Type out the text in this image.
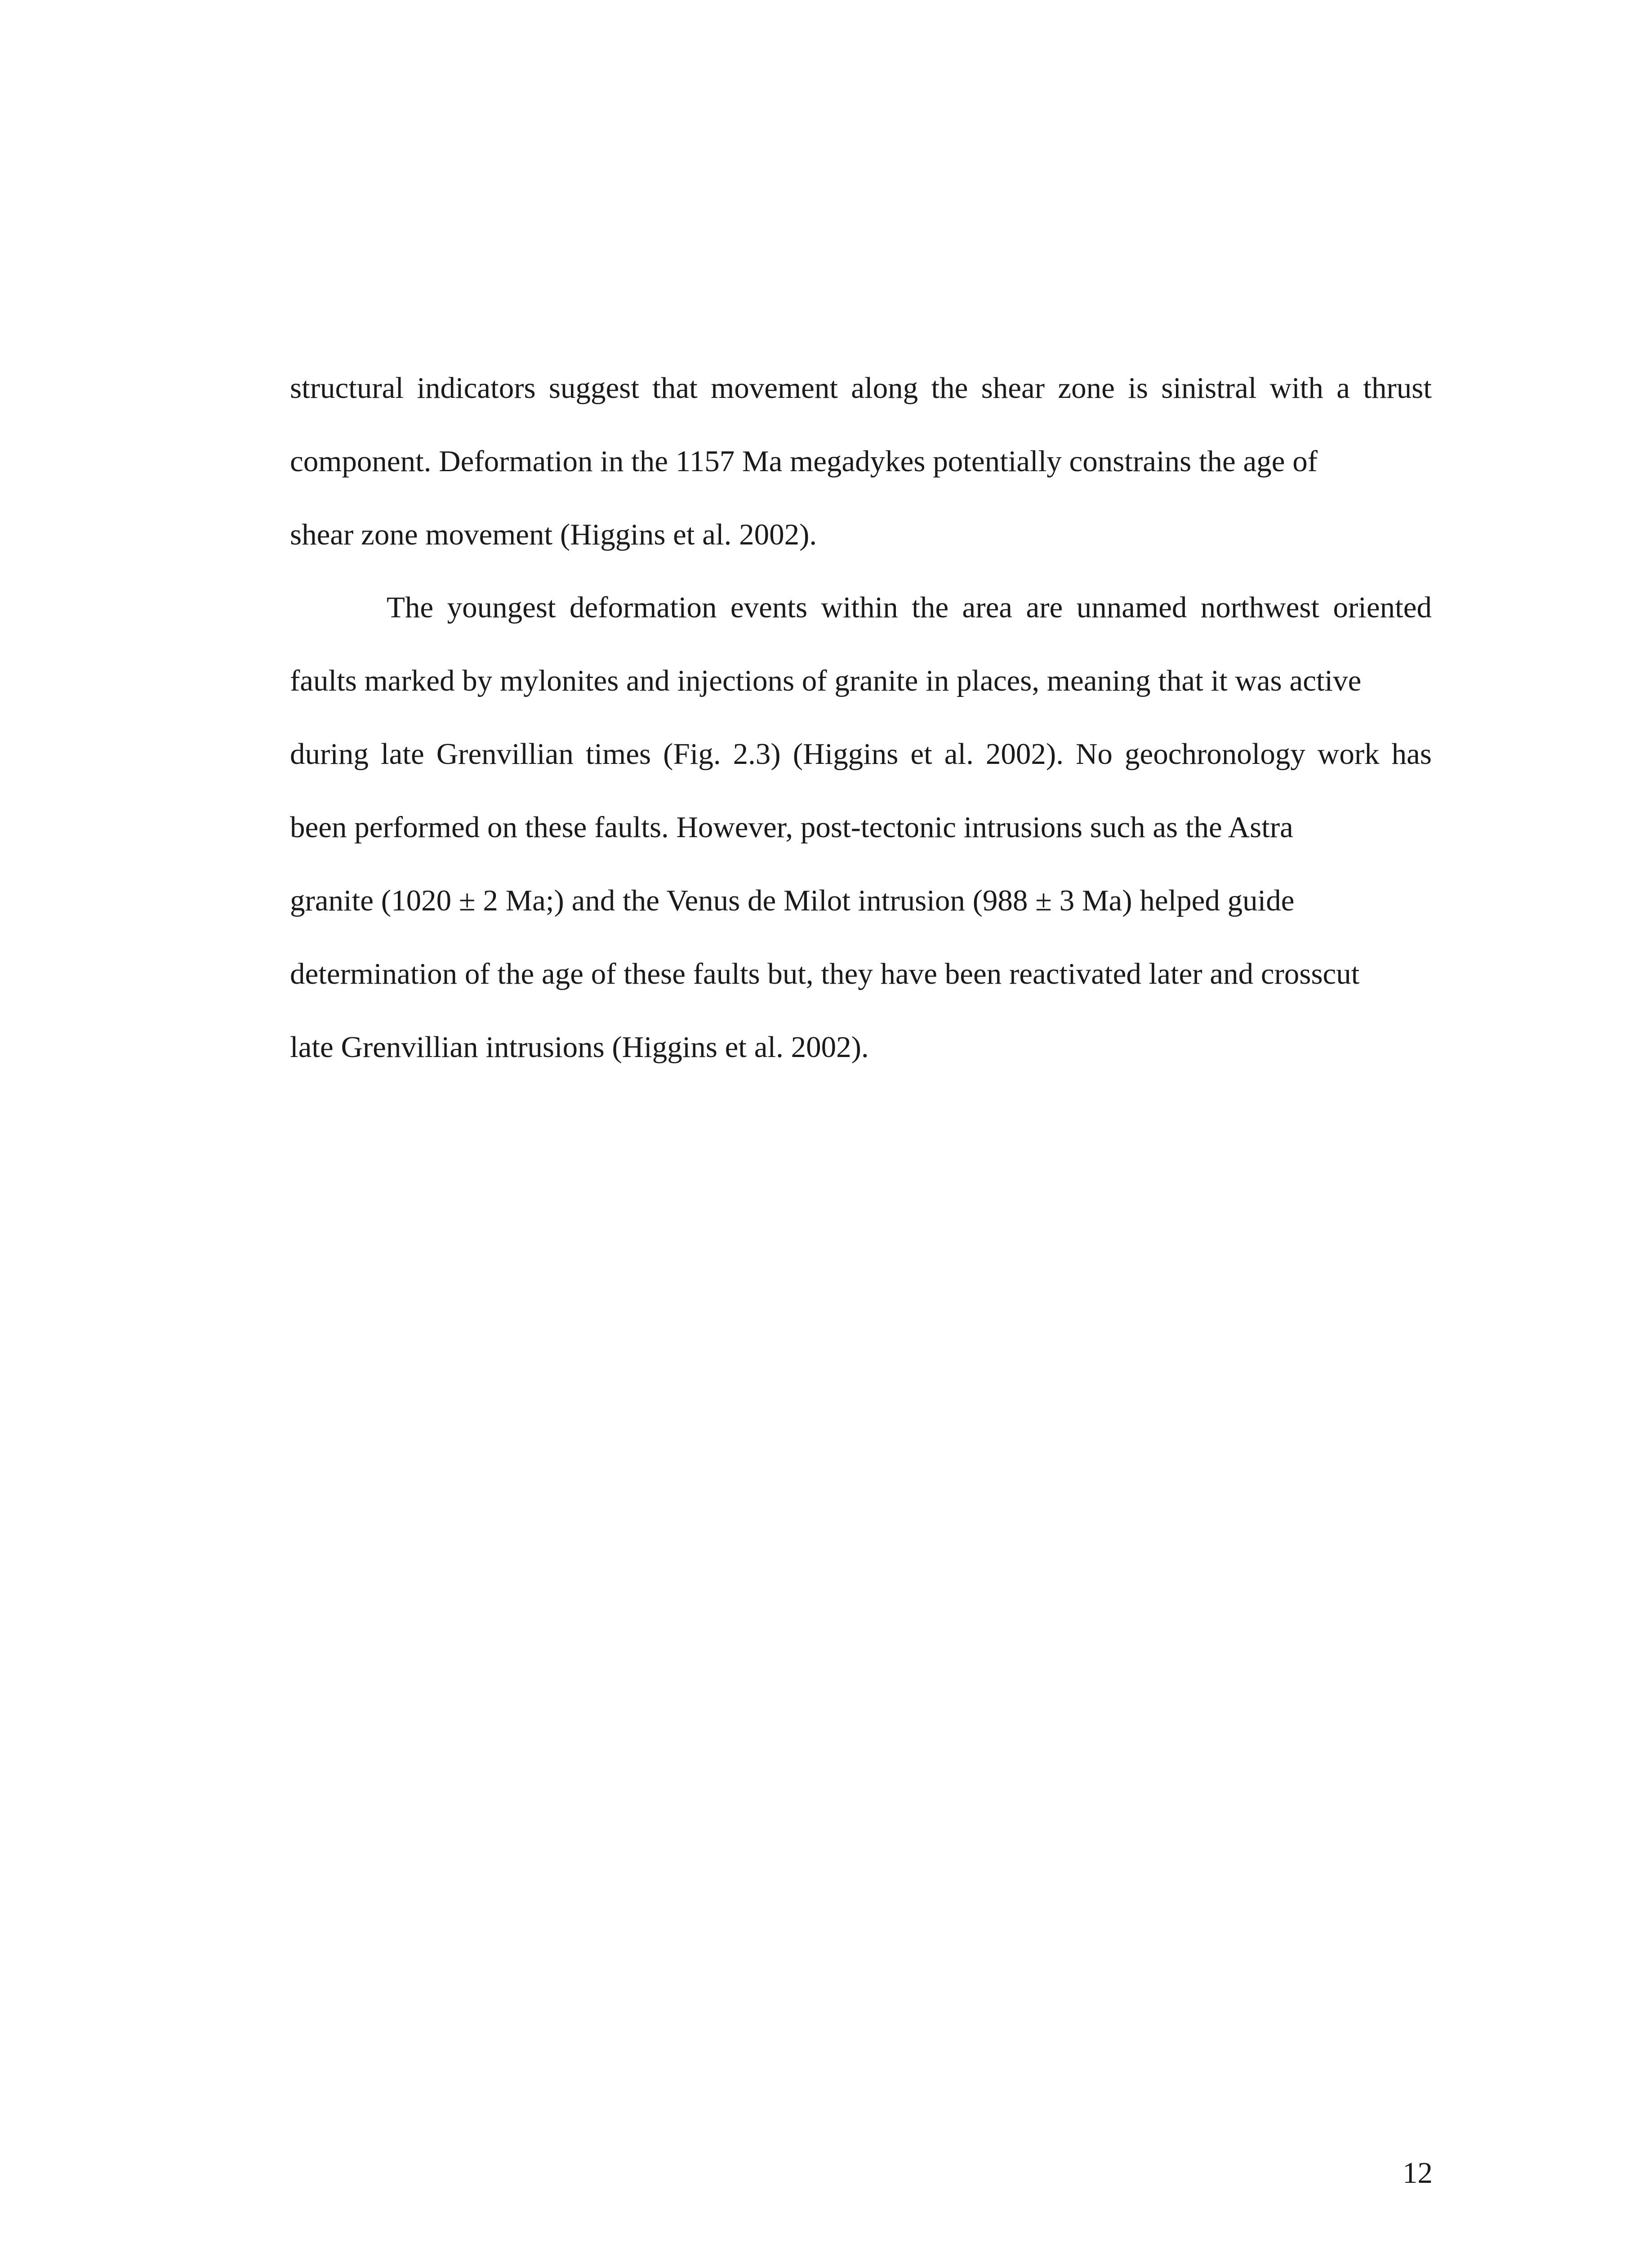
structural indicators suggest that movement along the shear zone is sinistral with a thrust
component. Deformation in the 1157 Ma megadykes potentially constrains the age of
shear zone movement (Higgins et al. 2002).
The youngest deformation events within the area are unnamed northwest oriented
faults marked by mylonites and injections of granite in places, meaning that it was active
during late Grenvillian times (Fig. 2.3) (Higgins et al. 2002). No geochronology work has
been performed on these faults. However, post-tectonic intrusions such as the Astra
granite (1020 ± 2 Ma;) and the Venus de Milot intrusion (988 ± 3 Ma) helped guide
determination of the age of these faults but, they have been reactivated later and crosscut
late Grenvillian intrusions (Higgins et al. 2002).
12
